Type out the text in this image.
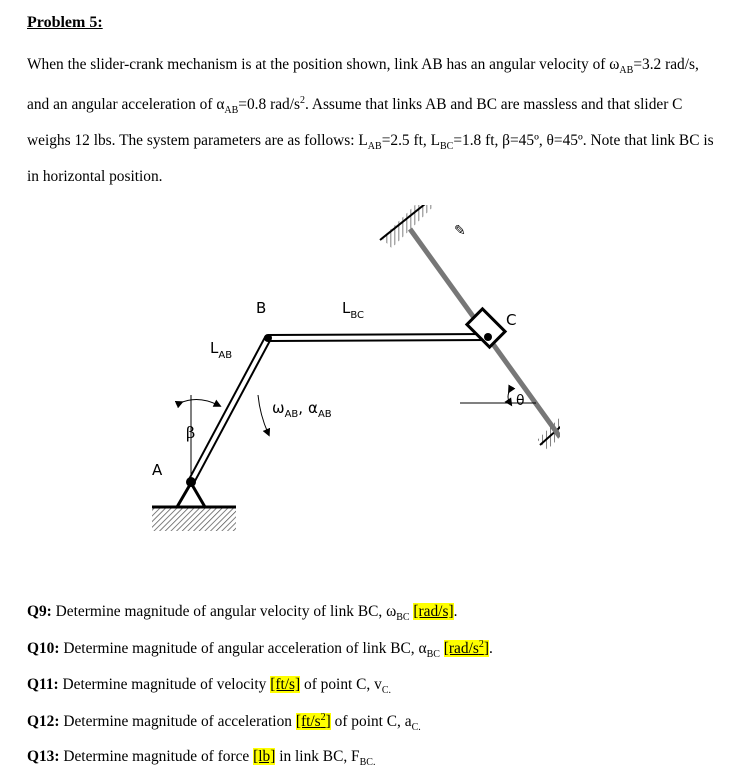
Problem 5:
When the slider-crank mechanism is at the position shown, link AB has an angular velocity of $\omega_{AB}=3.2$ rad/s, and an angular acceleration of $\alpha_{AB}=0.8$ rad/$s^2$. Assume that links AB and BC are massless and that slider C weighs 12 lbs. The system parameters are as follows: $L_{AB}=2.5$ ft, $L_{BC}=1.8$ ft, β=45º, θ=45º. Note that link BC is in horizontal position.
β
θ
✎
A
B
C
$L_{AB}$
$L_{BC}$
$\omega_{AB}$, $\alpha_{AB}$
Q9: Determine magnitude of angular velocity of link BC, $\omega_{BC}$ [rad/s].
Q10: Determine magnitude of angular acceleration of link BC, $\alpha_{BC}$ $[rad/s^2]$.
Q11: Determine magnitude of velocity [ft/s] of point C, $v_{C.}$
Q12: Determine magnitude of acceleration $[ft/s^2]$ of point C, $a_{C.}$
Q13: Determine magnitude of force [lb] in link BC, $F_{BC.}$
